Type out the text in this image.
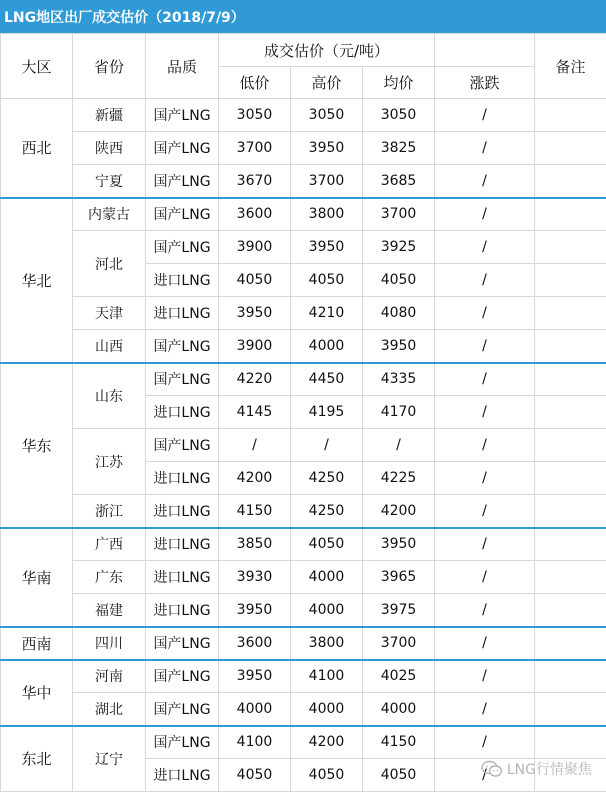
LNG地区出厂成交估价（2018/7/9）
大区	省份	品质	成交估价（元/吨）				备注
			低价	高价	均价	涨跌	
西北	新疆	国产LNG	3050	3050	3050	/	
	陕西	国产LNG	3700	3950	3825	/	
	宁夏	国产LNG	3670	3700	3685	/	
华北	内蒙古	国产LNG	3600	3800	3700	/	
	河北	国产LNG	3900	3950	3925	/	
		进口LNG	4050	4050	4050	/	
	天津	进口LNG	3950	4210	4080	/	
	山西	国产LNG	3900	4000	3950	/	
华东	山东	国产LNG	4220	4450	4335	/	
		进口LNG	4145	4195	4170	/	
	江苏	国产LNG	/	/	/	/	
		进口LNG	4200	4250	4225	/	
	浙江	进口LNG	4150	4250	4200	/	
华南	广西	进口LNG	3850	4050	3950	/	
	广东	进口LNG	3930	4000	3965	/	
	福建	进口LNG	3950	4000	3975	/	
西南	四川	国产LNG	3600	3800	3700	/	
华中	河南	国产LNG	3950	4100	4025	/	
	湖北	国产LNG	4000	4000	4000	/	
东北	辽宁	国产LNG	4100	4200	4150	/	
		进口LNG	4050	4050	4050	/	LNG行情聚焦
